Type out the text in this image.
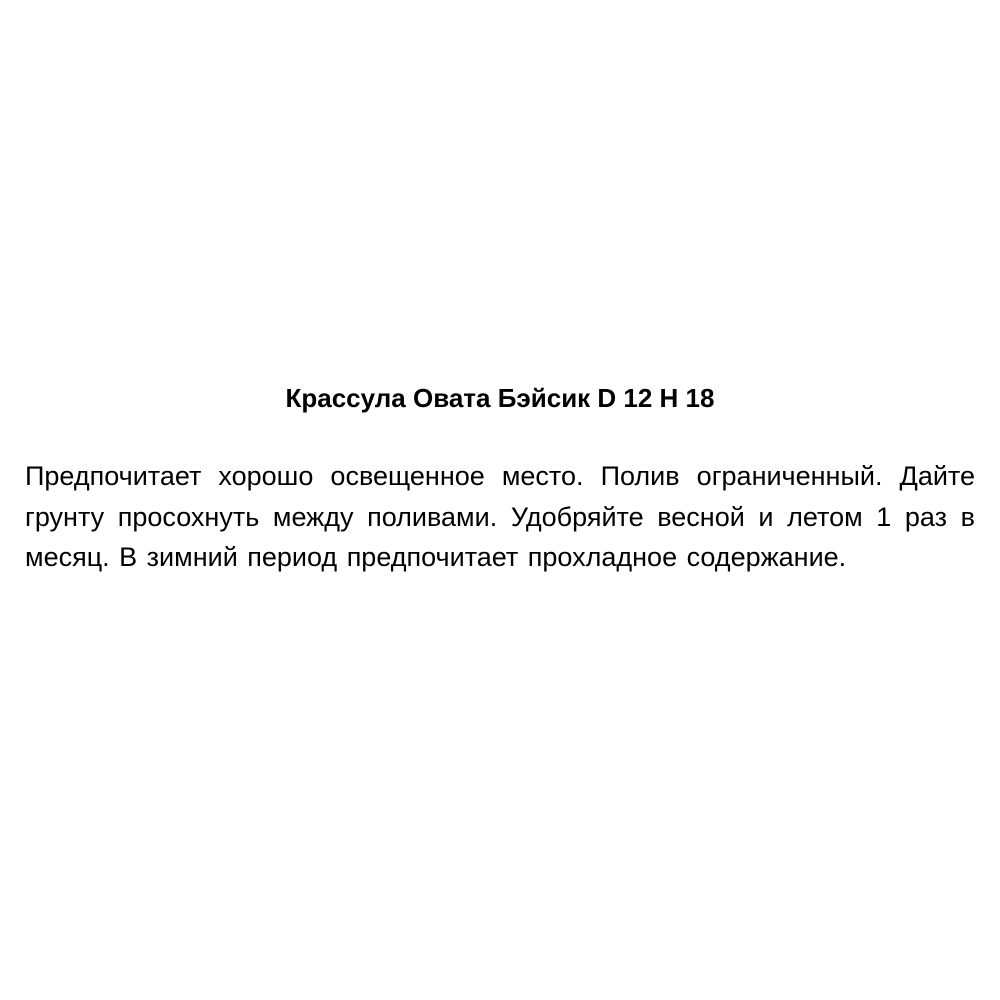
Крассула Овата Бэйсик D 12 H 18

Предпочитает хорошо освещенное место. Полив ограниченный. Дайте грунту просохнуть между поливами. Удобряйте весной и летом 1 раз в месяц. В зимний период предпочитает прохладное содержание.
